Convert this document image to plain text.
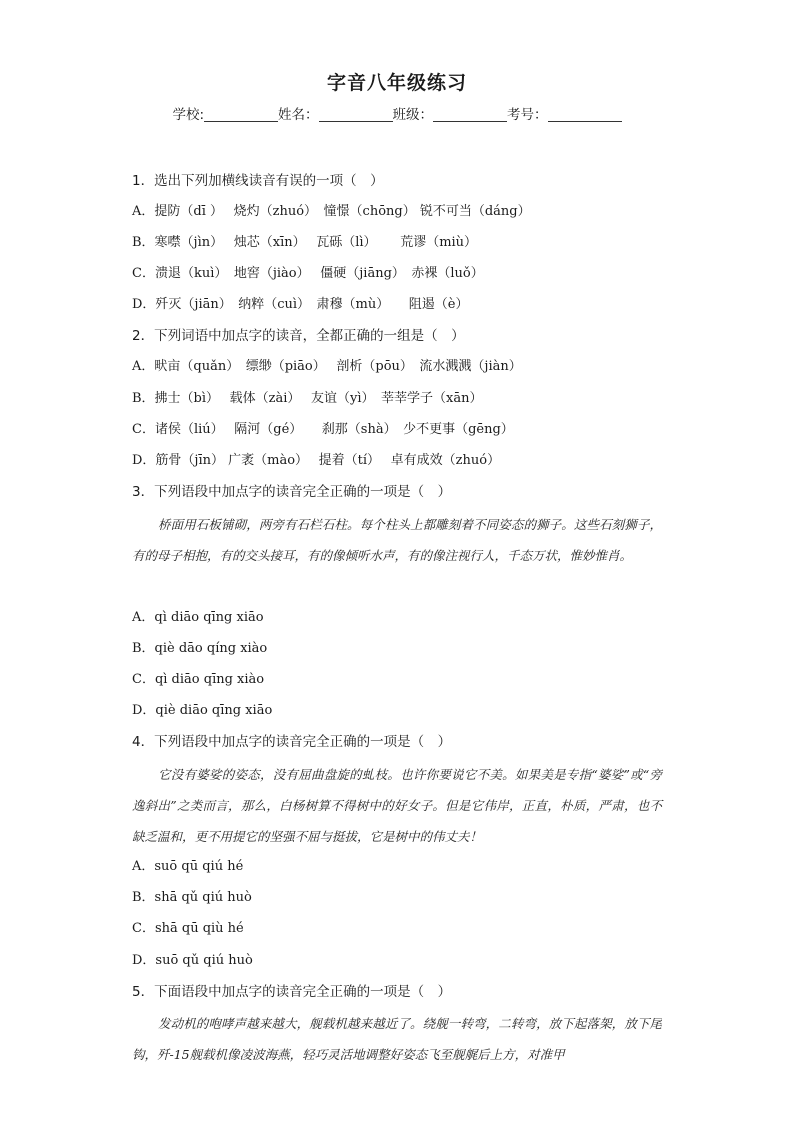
字音八年级练习
学校:	姓名：	班级：	考号：
1．选出下列加横线读音有误的一项（　）
A．提防（dī ）　 烧灼（zhuó）　憧憬（chōng） 锐不可当（dáng）
B．寒噤（jìn）　 烛芯（xīn）　 瓦砾（lì）　　 荒谬（miù）
C．溃退（kuì）　地窖（jiào）　 僵硬（jiāng）　赤裸（luǒ）
D．歼灭（jiān）　纳粹（cuì）　肃穆（mù）　　阻遏（è）
2．下列词语中加点字的读音，全都正确的一组是（　）
A．畎亩（quǎn）　缥缈（piāo）　 剖析（pōu）　流水溅溅（jiàn）
B．拂士（bì）　 载体（zài）　 友谊（yì）　莘莘学子（xān）
C．诸侯（liú）　 隔河（gé）　　刹那（shà）　少不更事（gēng）
D．筋骨（jīn） 广袤（mào）　 提着（tí）　 卓有成效（zhuó）
3．下列语段中加点字的读音完全正确的一项是（　）
桥面用石板铺砌，两旁有石栏石柱。每个柱头上都雕刻着不同姿态的狮子。这些石刻狮子，有的母子相抱，有的交头接耳，有的像倾听水声，有的像注视行人，千态万状，惟妙惟肖。
A．qì diāo qīng xiāo
B．qiè dāo qíng xiào
C．qì diāo qīng xiào
D．qiè diāo qīng xiāo
4．下列语段中加点字的读音完全正确的一项是（　）
它没有婆娑的姿态，没有屈曲盘旋的虬枝。也许你要说它不美。如果美是专指“婆娑”或“旁逸斜出”之类而言，那么，白杨树算不得树中的好女子。但是它伟岸，正直，朴质，严肃，也不缺乏温和，更不用提它的坚强不屈与挺拔，它是树中的伟丈夫！
A．suō qū qiú hé
B．shā qǔ qiú huò
C．shā qū qiù hé
D．suō qǔ qiú huò
5．下面语段中加点字的读音完全正确的一项是（　）
发动机的咆哮声越来越大，舰载机越来越近了。绕舰一转弯，二转弯，放下起落架，放下尾钩，歼-15舰载机像凌波海燕，轻巧灵活地调整好姿态飞至舰艉后上方，对准甲
